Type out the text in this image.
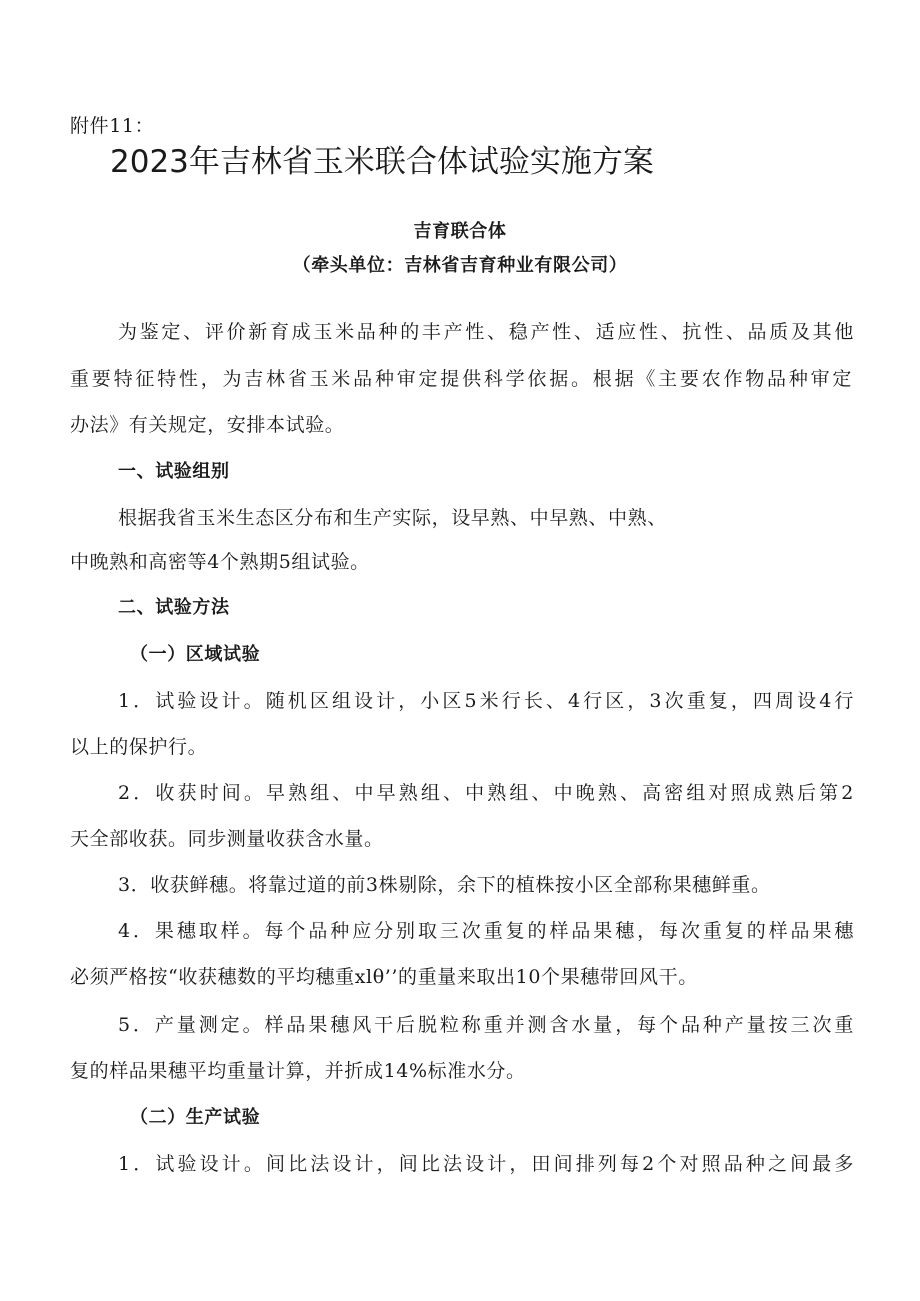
附件11：
2023年吉林省玉米联合体试验实施方案
吉育联合体
（牵头单位：吉林省吉育种业有限公司）
为鉴定、评价新育成玉米品种的丰产性、稳产性、适应性、抗性、品质及其他
重要特征特性，为吉林省玉米品种审定提供科学依据。根据《主要农作物品种审定
办法》有关规定，安排本试验。
一、试验组别
根据我省玉米生态区分布和生产实际，设早熟、中早熟、中熟、
中晚熟和高密等4个熟期5组试验。
二、试验方法
（一）区域试验
1．试验设计。随机区组设计，小区5米行长、4行区，3次重复，四周设4行
以上的保护行。
2．收获时间。早熟组、中早熟组、中熟组、中晚熟、高密组对照成熟后第2
天全部收获。同步测量收获含水量。
3．收获鲜穗。将靠过道的前3株剔除，余下的植株按小区全部称果穗鲜重。
4．果穗取样。每个品种应分别取三次重复的样品果穗，每次重复的样品果穗
必须严格按“收获穗数的平均穗重xlθ’’的重量来取出10个果穗带回风干。
5．产量测定。样品果穗风干后脱粒称重并测含水量，每个品种产量按三次重
复的样品果穗平均重量计算，并折成14%标准水分。
（二）生产试验
1．试验设计。间比法设计，间比法设计，田间排列每2个对照品种之间最多
